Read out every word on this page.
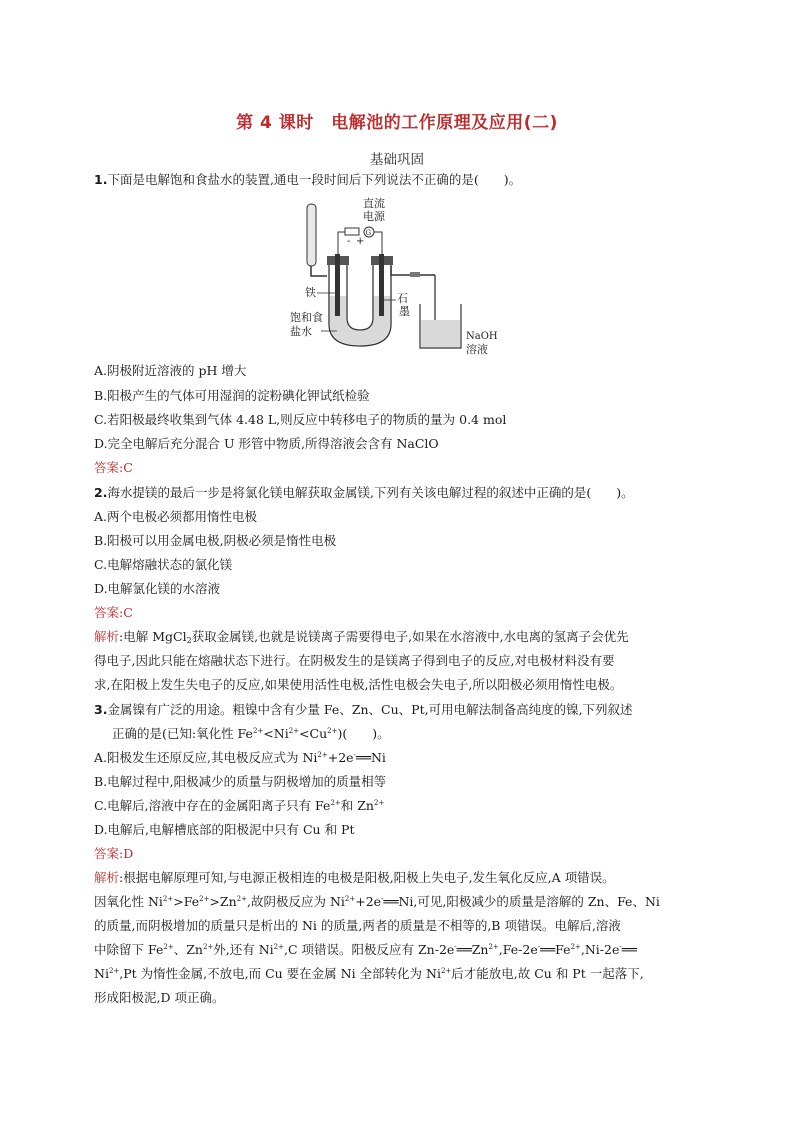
第 4 课时　电解池的工作原理及应用(二)
基础巩固
1.下面是电解饱和食盐水的装置,通电一段时间后下列说法不正确的是(　　)。
直流
电源
G
- +
铁	石
墨
饱和食
盐水	NaOH
溶液
A.阴极附近溶液的 pH 增大
B.阳极产生的气体可用湿润的淀粉碘化钾试纸检验
C.若阳极最终收集到气体 4.48 L,则反应中转移电子的物质的量为 0.4 mol
D.完全电解后充分混合 U 形管中物质,所得溶液会含有 NaClO
答案:C
2.海水提镁的最后一步是将氯化镁电解获取金属镁,下列有关该电解过程的叙述中正确的是(　　)。
A.两个电极必须都用惰性电极
B.阳极可以用金属电极,阴极必须是惰性电极
C.电解熔融状态的氯化镁
D.电解氯化镁的水溶液
答案:C
解析:电解 MgCl$_2$获取金属镁,也就是说镁离子需要得电子,如果在水溶液中,水电离的氢离子会优先
得电子,因此只能在熔融状态下进行。在阴极发生的是镁离子得到电子的反应,对电极材料没有要
求,在阳极上发生失电子的反应,如果使用活性电极,活性电极会失电子,所以阳极必须用惰性电极。
3.金属镍有广泛的用途。粗镍中含有少量 Fe、Zn、Cu、Pt,可用电解法制备高纯度的镍,下列叙述
正确的是(已知:氧化性 $Fe^{2+}<Ni^{2+}<Cu^{2+}$)(　　)。
A.阳极发生还原反应,其电极反应式为 $Ni^{2+}+2e^-══Ni$
B.电解过程中,阳极减少的质量与阴极增加的质量相等
C.电解后,溶液中存在的金属阳离子只有 $Fe^{2+}$和 $Zn^{2+}$
D.电解后,电解槽底部的阳极泥中只有 Cu 和 Pt
答案:D
解析:根据电解原理可知,与电源正极相连的电极是阳极,阳极上失电子,发生氧化反应,A 项错误。
因氧化性 $Ni^{2+}>Fe^{2+}>Zn^{2+}$,故阴极反应为 $Ni^{2+}+2e^-══Ni$,可见,阳极减少的质量是溶解的 Zn、Fe、Ni
的质量,而阴极增加的质量只是析出的 Ni 的质量,两者的质量是不相等的,B 项错误。电解后,溶液
中除留下 $Fe^{2+}$、$Zn^{2+}$外,还有 $Ni^{2+},C$ 项错误。阳极反应有 $Zn-2e^-══Zn^{2+},Fe-2e^-══Fe^{2+},Ni-2e^-══$
$Ni^{2+},Pt$ 为惰性金属,不放电,而 Cu 要在金属 Ni 全部转化为 $Ni^{2+}$后才能放电,故 Cu 和 Pt 一起落下,
形成阳极泥,D 项正确。
